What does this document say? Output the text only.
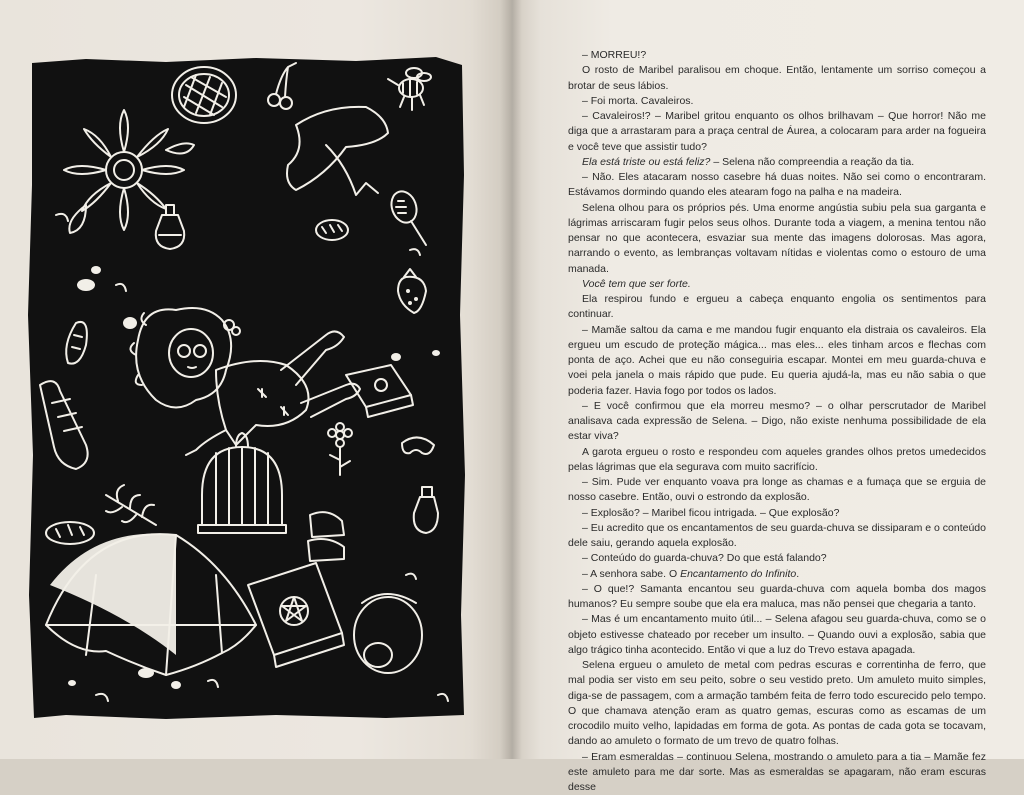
– MORREU!?

O rosto de Maribel paralisou em choque. Então, lentamente um sorriso começou a brotar de seus lábios.

– Foi morta. Cavaleiros.

– Cavaleiros!? – Maribel gritou enquanto os olhos brilhavam – Que horror! Não me diga que a arrastaram para a praça central de Áurea, a colocaram para arder na fogueira e você teve que assistir tudo?

Ela está triste ou está feliz? – Selena não compreendia a reação da tia.

– Não. Eles atacaram nosso casebre há duas noites. Não sei como o encontraram. Estávamos dormindo quando eles atearam fogo na palha e na madeira.

Selena olhou para os próprios pés. Uma enorme angústia subiu pela sua garganta e lágrimas arriscaram fugir pelos seus olhos. Durante toda a viagem, a menina tentou não pensar no que acontecera, esvaziar sua mente das imagens dolorosas. Mas agora, narrando o evento, as lembranças voltavam nítidas e violentas como o estouro de uma manada.

Você tem que ser forte.

Ela respirou fundo e ergueu a cabeça enquanto engolia os sentimentos para continuar.

– Mamãe saltou da cama e me mandou fugir enquanto ela distraia os cavaleiros. Ela ergueu um escudo de proteção mágica... mas eles... eles tinham arcos e flechas com ponta de aço. Achei que eu não conseguiria escapar. Montei em meu guarda-chuva e voei pela janela o mais rápido que pude. Eu queria ajudá-la, mas eu não sabia o que poderia fazer. Havia fogo por todos os lados.

– E você confirmou que ela morreu mesmo? – o olhar perscrutador de Maribel analisava cada expressão de Selena. – Digo, não existe nenhuma possibilidade de ela estar viva?

A garota ergueu o rosto e respondeu com aqueles grandes olhos pretos umedecidos pelas lágrimas que ela segurava com muito sacrifício.

– Sim. Pude ver enquanto voava pra longe as chamas e a fumaça que se erguia de nosso casebre. Então, ouvi o estrondo da explosão.

– Explosão? – Maribel ficou intrigada. – Que explosão?

– Eu acredito que os encantamentos de seu guarda-chuva se dissiparam e o conteúdo dele saiu, gerando aquela explosão.

– Conteúdo do guarda-chuva? Do que está falando?

– A senhora sabe. O Encantamento do Infinito.

– O que!? Samanta encantou seu guarda-chuva com aquela bomba dos magos humanos? Eu sempre soube que ela era maluca, mas não pensei que chegaria a tanto.

– Mas é um encantamento muito útil... – Selena afagou seu guarda-chuva, como se o objeto estivesse chateado por receber um insulto. – Quando ouvi a explosão, sabia que algo trágico tinha acontecido. Então vi que a luz do Trevo estava apagada.

Selena ergueu o amuleto de metal com pedras escuras e correntinha de ferro, que mal podia ser visto em seu peito, sobre o seu vestido preto. Um amuleto muito simples, diga-se de passagem, com a armação também feita de ferro todo escurecido pelo tempo. O que chamava atenção eram as quatro gemas, escuras como as escamas de um crocodilo muito velho, lapidadas em forma de gota. As pontas de cada gota se tocavam, dando ao amuleto o formato de um trevo de quatro folhas.

– Eram esmeraldas – continuou Selena, mostrando o amuleto para a tia – Mamãe fez este amuleto para me dar sorte. Mas as esmeraldas se apagaram, não eram escuras desse
